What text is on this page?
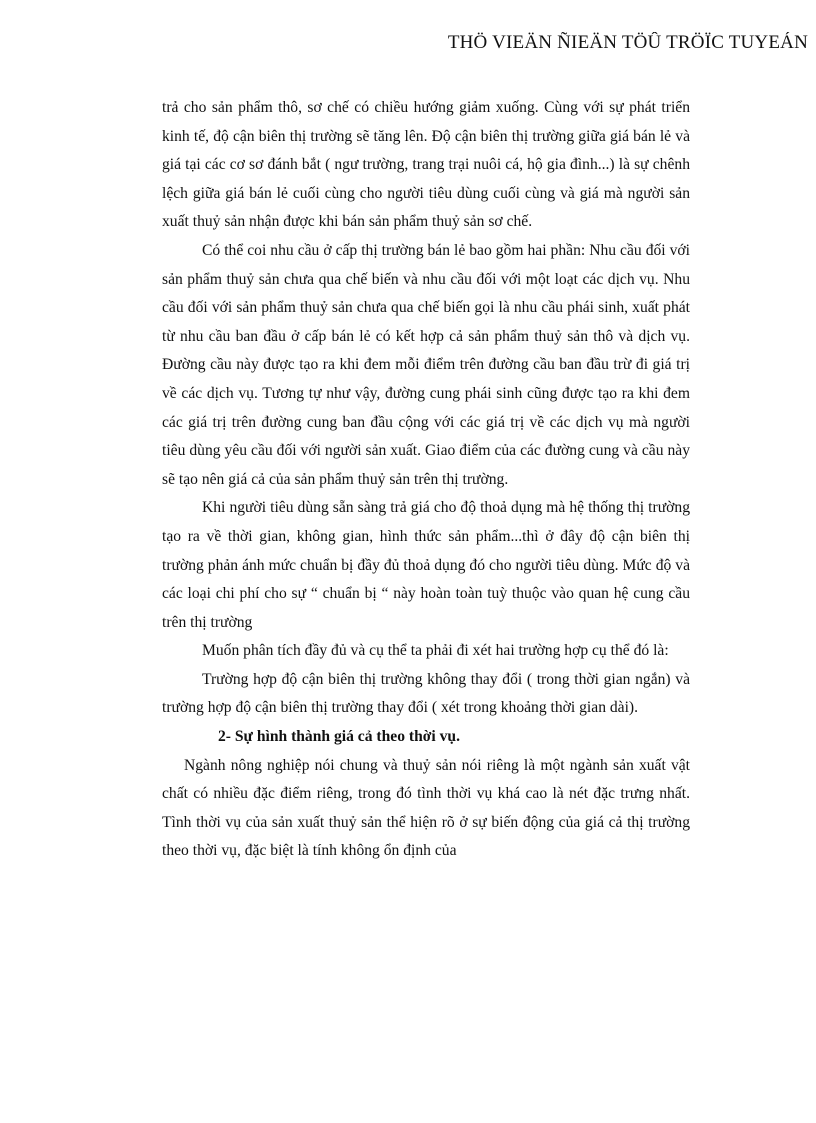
THÖ VIEÄN ÑIEÄN TÖÛ TRÖÏC TUYEÁN

trả cho sản phẩm thô, sơ chế có chiều hướng giảm xuống. Cùng với sự phát triển kinh tế, độ cận biên thị trường sẽ tăng lên. Độ cận biên thị trường giữa giá bán lẻ và giá tại các cơ sơ đánh bắt ( ngư trường, trang trại nuôi cá, hộ gia đình...) là sự chênh lệch giữa giá bán lẻ cuối cùng cho người tiêu dùng cuối cùng và giá mà người sản xuất thuỷ sản nhận được khi bán sản phẩm thuỷ sản sơ chế.

Có thể coi nhu cầu ở cấp thị trường bán lẻ bao gồm hai phần: Nhu cầu đối với sản phẩm thuỷ sản chưa qua chế biến và nhu cầu đối với một loạt các dịch vụ. Nhu cầu đối với sản phẩm thuỷ sản chưa qua chế biến gọi là nhu cầu phái sinh, xuất phát từ nhu cầu ban đầu ở cấp bán lẻ có kết hợp cả sản phẩm thuỷ sản thô và dịch vụ. Đường cầu này được tạo ra khi đem mỗi điểm trên đường cầu ban đầu trừ đi giá trị về các dịch vụ. Tương tự như vậy, đường cung phái sinh cũng được tạo ra khi đem các giá trị trên đường cung ban đầu cộng với các giá trị về các dịch vụ mà người tiêu dùng yêu cầu đối với người sản xuất. Giao điểm của các đường cung và cầu này sẽ tạo nên giá cả của sản phẩm thuỷ sản trên thị trường.

Khi người tiêu dùng sẵn sàng trả giá cho độ thoả dụng mà hệ thống thị trường tạo ra về thời gian, không gian, hình thức sản phẩm...thì ở đây độ cận biên thị trường phản ánh mức chuẩn bị đầy đủ thoả dụng đó cho người tiêu dùng. Mức độ và các loại chi phí cho sự “ chuẩn bị “ này hoàn toàn tuỳ thuộc vào quan hệ cung cầu trên thị trường

Muốn phân tích đầy đủ và cụ thể ta phải đi xét hai trường hợp cụ thể đó là:

Trường hợp độ cận biên thị trường không thay đổi ( trong thời gian ngắn) và trường hợp độ cận biên thị trường thay đổi ( xét trong khoảng thời gian dài).

2- Sự hình thành giá cả theo thời vụ.

Ngành nông nghiệp nói chung và thuỷ sản nói riêng là một ngành sản xuất vật chất có nhiều đặc điểm riêng, trong đó tình thời vụ khá cao là nét đặc trưng nhất. Tình thời vụ của sản xuất thuỷ sản thể hiện rõ ở sự biến động của giá cả thị trường theo thời vụ, đặc biệt là tính không ổn định của
